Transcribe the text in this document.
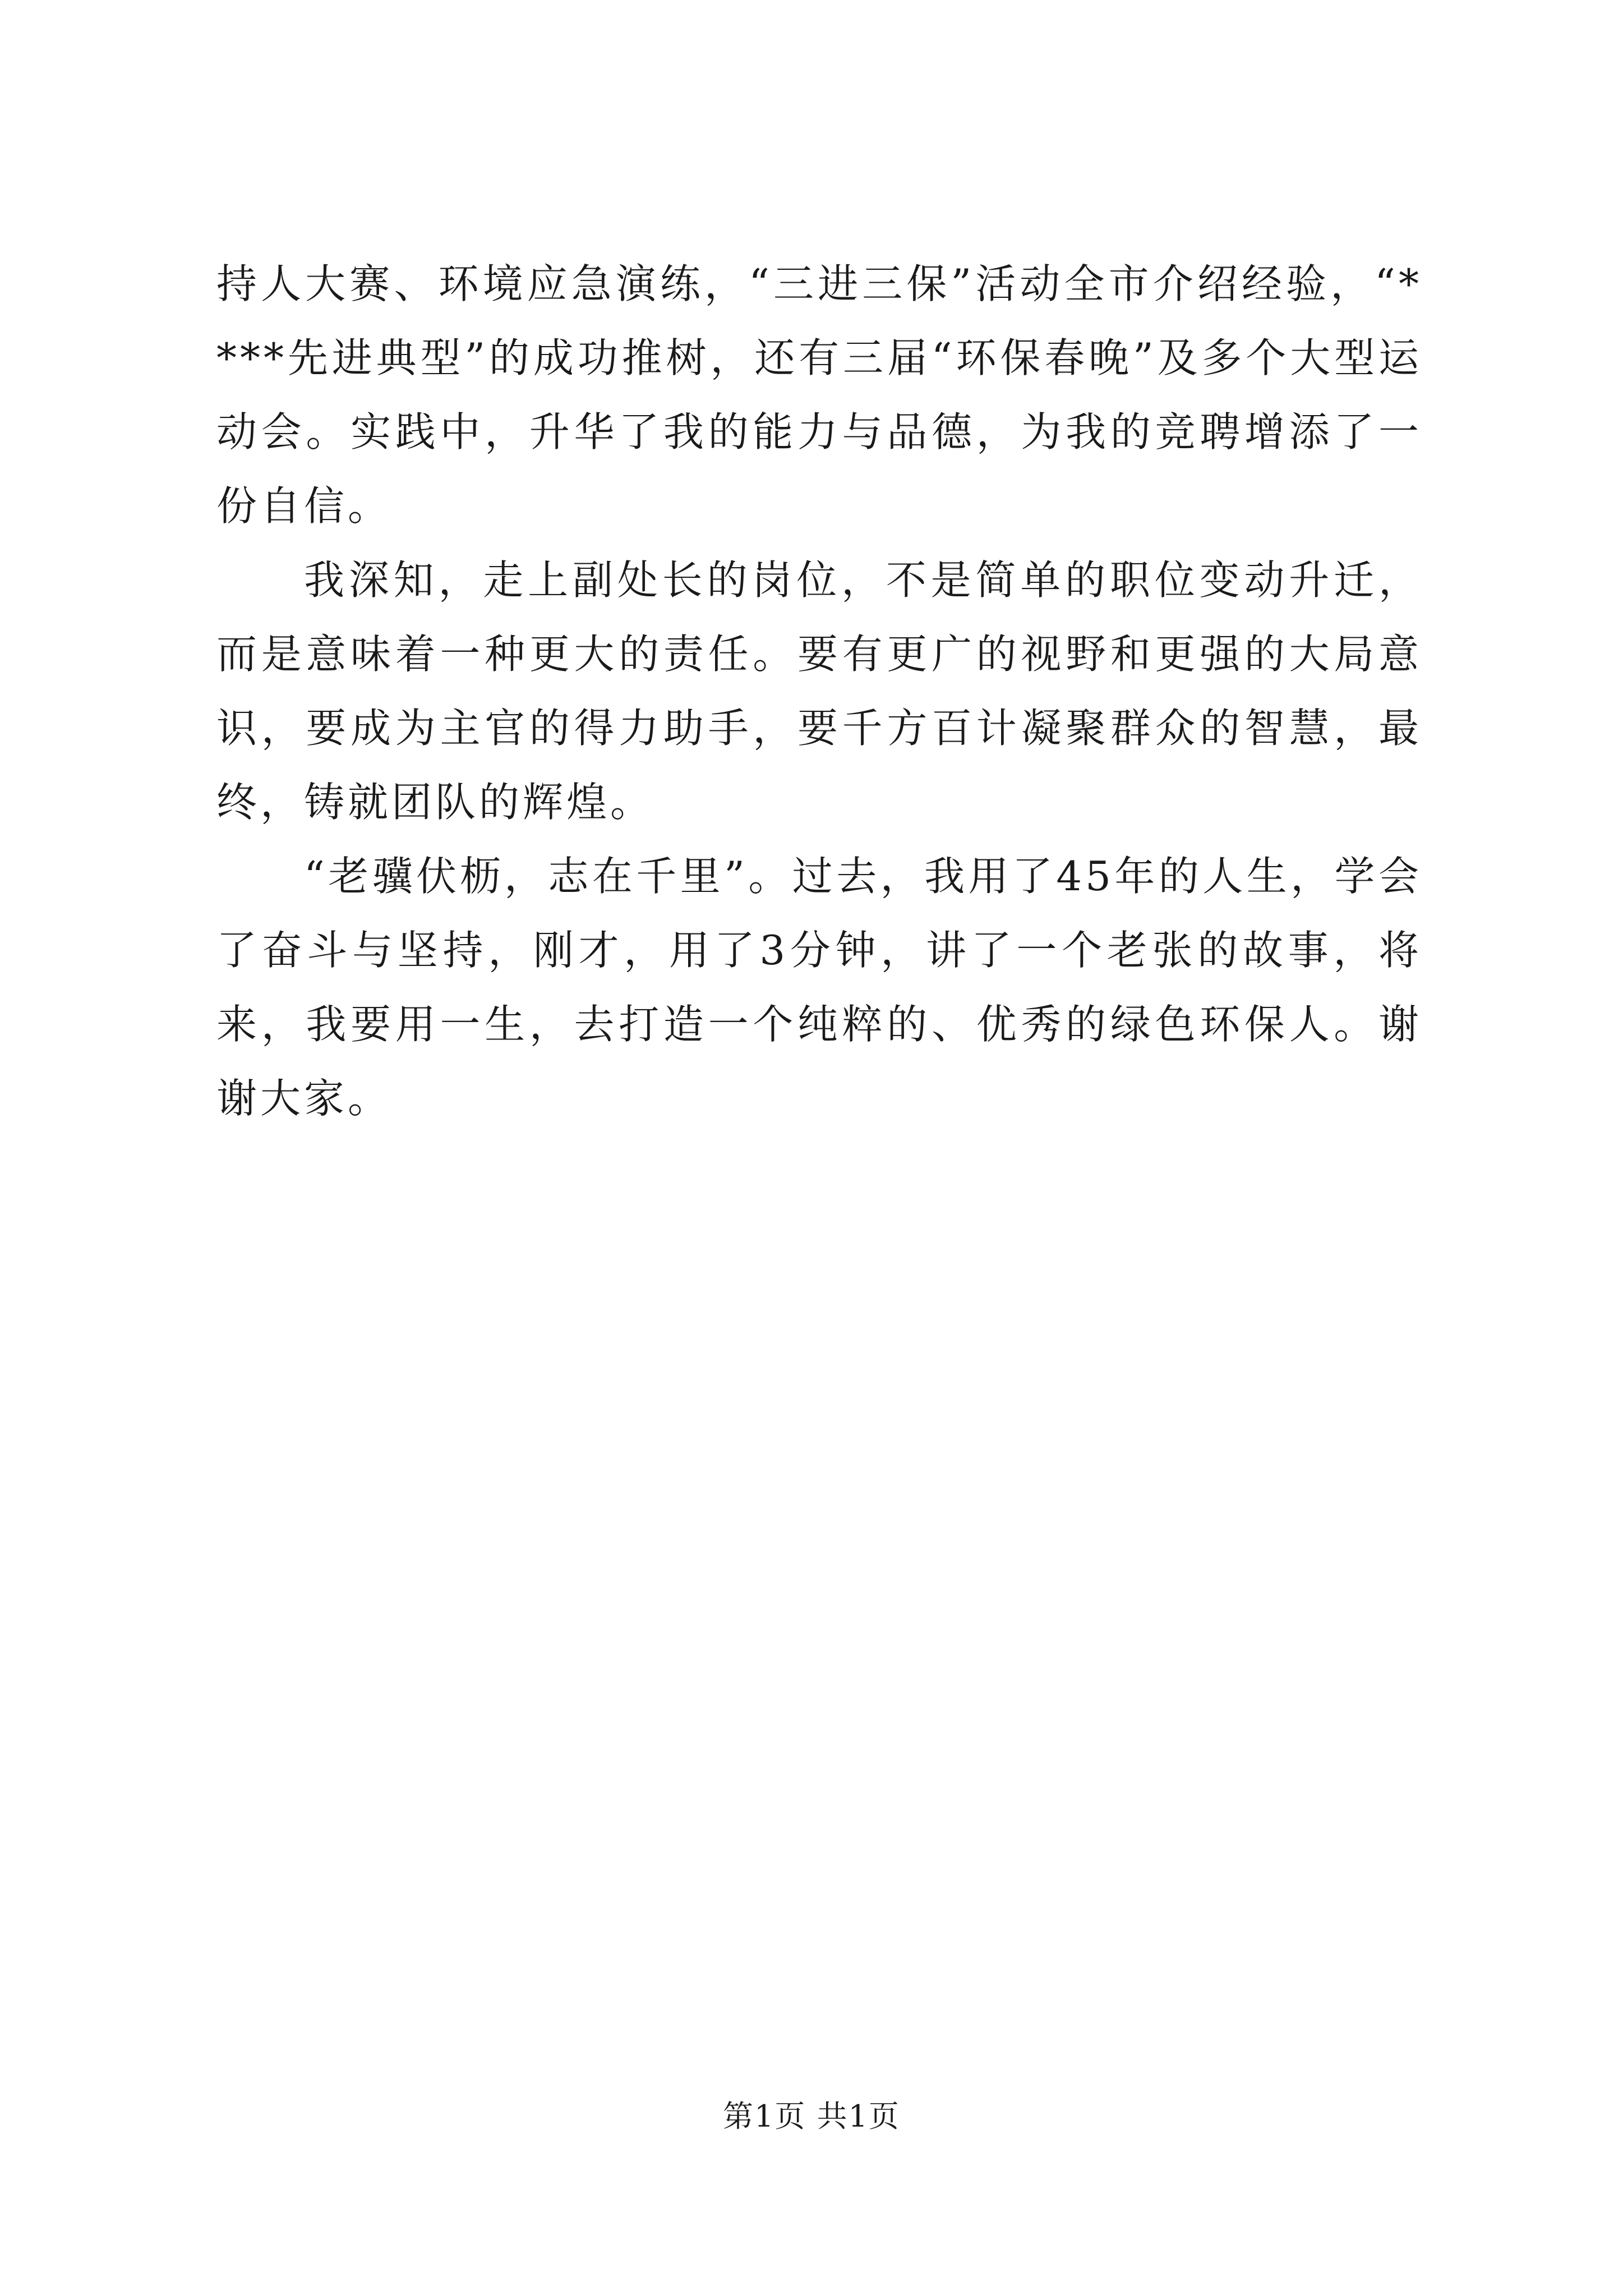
持人大赛、环境应急演练，“三进三保”活动全市介绍经验，“****先进典型”的成功推树，还有三届“环保春晚”及多个大型运动会。实践中，升华了我的能力与品德，为我的竞聘增添了一份自信。

我深知，走上副处长的岗位，不是简单的职位变动升迁，而是意味着一种更大的责任。要有更广的视野和更强的大局意识，要成为主官的得力助手，要千方百计凝聚群众的智慧，最终，铸就团队的辉煌。

“老骥伏枥，志在千里”。过去，我用了45年的人生，学会了奋斗与坚持，刚才，用了3分钟，讲了一个老张的故事，将来，我要用一生，去打造一个纯粹的、优秀的绿色环保人。谢谢大家。

第1页 共1页
